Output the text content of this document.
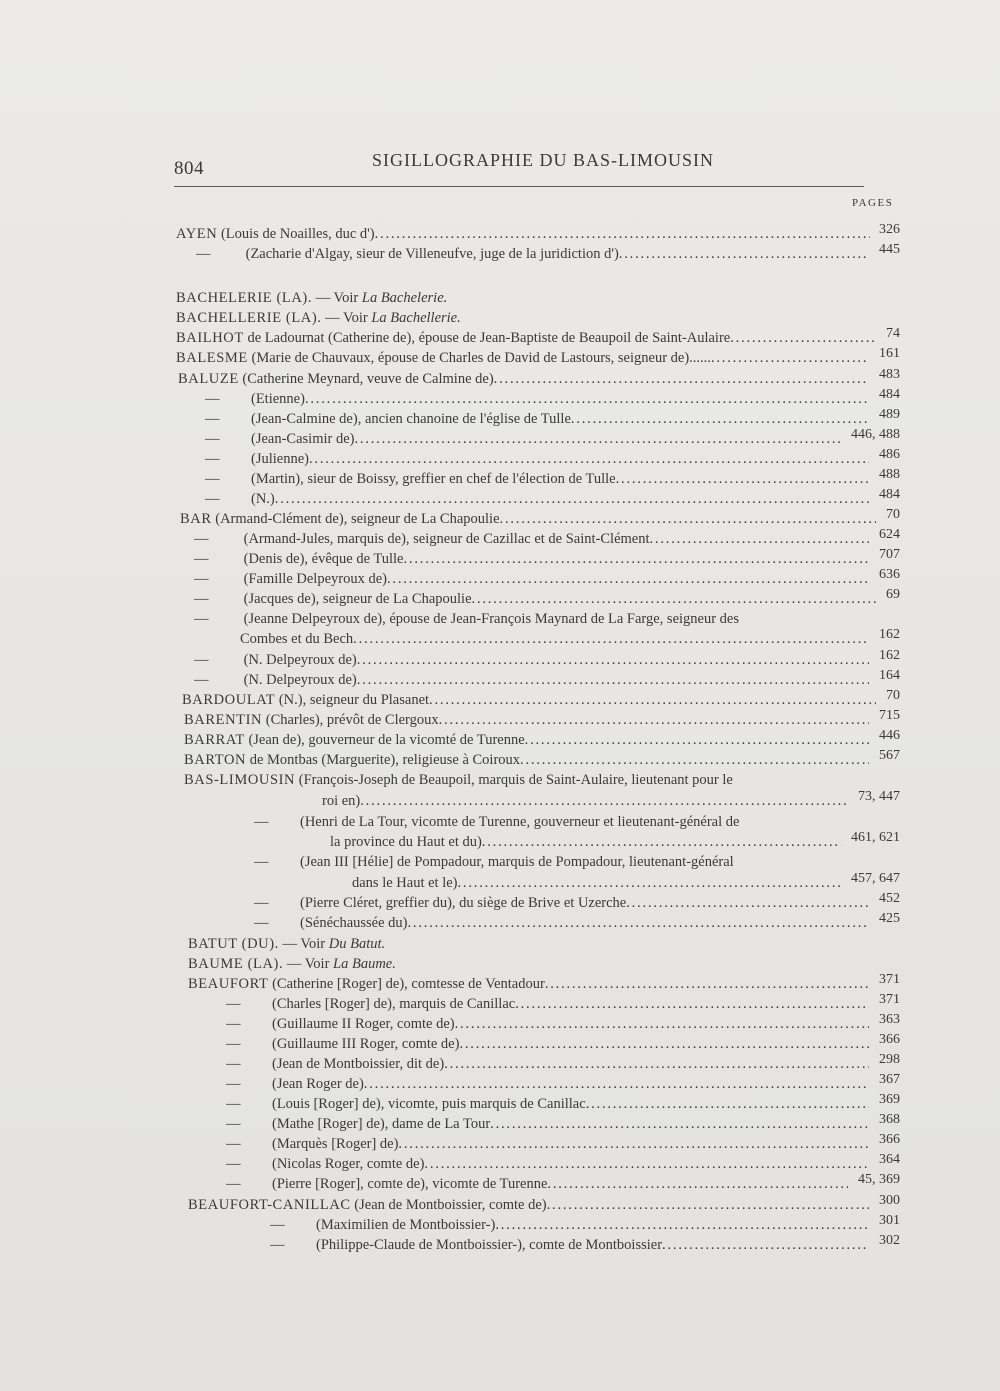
804	SIGILLOGRAPHIE DU BAS-LIMOUSIN
PAGES
AYEN (Louis de Noailles, duc d') .....	326
— (Zacharie d'Algay, sieur de Villeneufve, juge de la juridiction d') .....	445
BACHELERIE (LA). — Voir La Bachelerie.
BACHELLERIE (LA). — Voir La Bachellerie.
BAILHOT de Ladournat (Catherine de), épouse de Jean-Baptiste de Beaupoil de Saint-Aulaire .....	74
BALESME (Marie de Chauvaux, épouse de Charles de David de Lastours, seigneur de)...... .....	161
BALUZE (Catherine Meynard, veuve de Calmine de) .....	483
— (Etienne) .....	484
— (Jean-Calmine de), ancien chanoine de l'église de Tulle .....	489
— (Jean-Casimir de) .....	446, 488
— (Julienne) .....	486
— (Martin), sieur de Boissy, greffier en chef de l'élection de Tulle .....	488
— (N.) .....	484
BAR (Armand-Clément de), seigneur de La Chapoulie .....	70
— (Armand-Jules, marquis de), seigneur de Cazillac et de Saint-Clément .....	624
— (Denis de), évêque de Tulle .....	707
— (Famille Delpeyroux de) .....	636
— (Jacques de), seigneur de La Chapoulie .....	69
— (Jeanne Delpeyroux de), épouse de Jean-François Maynard de La Farge, seigneur des
Combes et du Bech .....	162
— (N. Delpeyroux de) .....	162
— (N. Delpeyroux de) .....	164
BARDOULAT (N.), seigneur du Plasanet .....	70
BARENTIN (Charles), prévôt de Clergoux .....	715
BARRAT (Jean de), gouverneur de la vicomté de Turenne .....	446
BARTON de Montbas (Marguerite), religieuse à Coiroux .....	567
BAS-LIMOUSIN (François-Joseph de Beaupoil, marquis de Saint-Aulaire, lieutenant pour le
roi en) .....	73, 447
— (Henri de La Tour, vicomte de Turenne, gouverneur et lieutenant-général de
la province du Haut et du) .....	461, 621
— (Jean III [Hélie] de Pompadour, marquis de Pompadour, lieutenant-général
dans le Haut et le) .....	457, 647
— (Pierre Cléret, greffier du), du siège de Brive et Uzerche .....	452
— (Sénéchaussée du) .....	425
BATUT (DU). — Voir Du Batut.
BAUME (LA). — Voir La Baume.
BEAUFORT (Catherine [Roger] de), comtesse de Ventadour .....	371
— (Charles [Roger] de), marquis de Canillac .....	371
— (Guillaume II Roger, comte de) .....	363
— (Guillaume III Roger, comte de) .....	366
— (Jean de Montboissier, dit de) .....	298
— (Jean Roger de) .....	367
— (Louis [Roger] de), vicomte, puis marquis de Canillac .....	369
— (Mathe [Roger] de), dame de La Tour .....	368
— (Marquès [Roger] de) .....	366
— (Nicolas Roger, comte de) .....	364
— (Pierre [Roger], comte de), vicomte de Turenne .....	45, 369
BEAUFORT-CANILLAC (Jean de Montboissier, comte de) .....	300
— (Maximilien de Montboissier-) .....	301
— (Philippe-Claude de Montboissier-), comte de Montboissier .....	302
